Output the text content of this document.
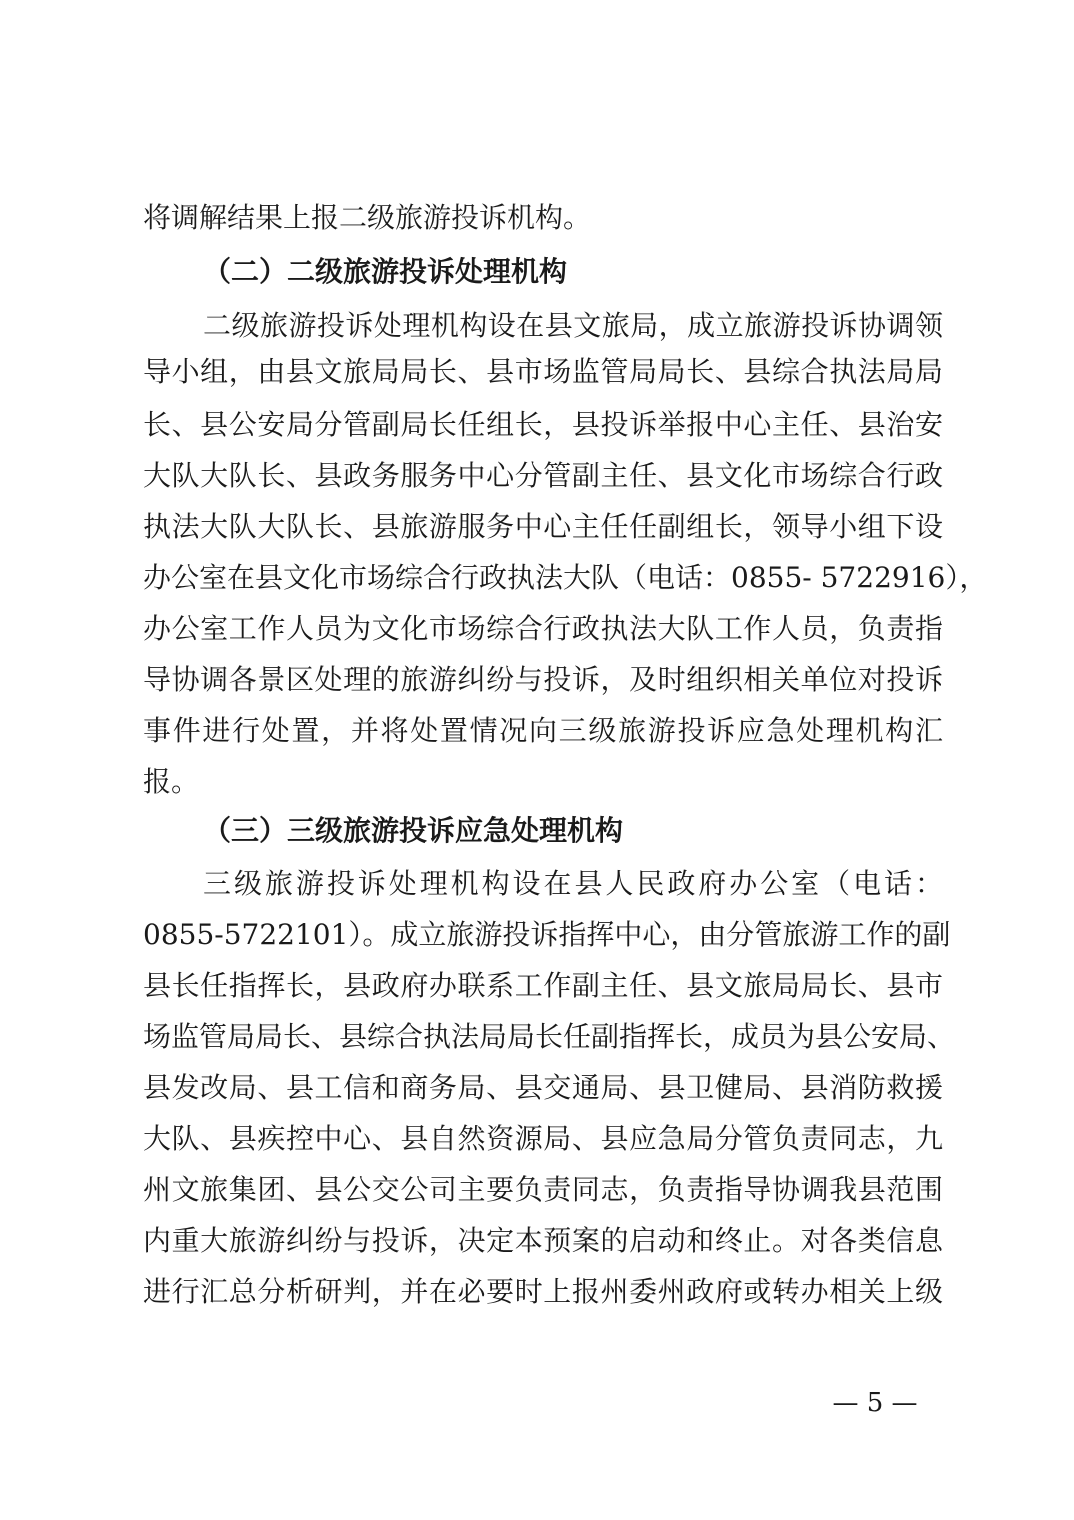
将调解结果上报二级旅游投诉机构。
（二）二级旅游投诉处理机构
二级旅游投诉处理机构设在县文旅局，成立旅游投诉协调领
导小组，由县文旅局局长、县市场监管局局长、县综合执法局局
长、县公安局分管副局长任组长，县投诉举报中心主任、县治安
大队大队长、县政务服务中心分管副主任、县文化市场综合行政
执法大队大队长、县旅游服务中心主任任副组长，领导小组下设
办公室在县文化市场综合行政执法大队（电话：0855- 5722916），
办公室工作人员为文化市场综合行政执法大队工作人员，负责指
导协调各景区处理的旅游纠纷与投诉，及时组织相关单位对投诉
事件进行处置，并将处置情况向三级旅游投诉应急处理机构汇
报。
（三）三级旅游投诉应急处理机构
三级旅游投诉处理机构设在县人民政府办公室（电话：
0855-5722101）。成立旅游投诉指挥中心，由分管旅游工作的副
县长任指挥长，县政府办联系工作副主任、县文旅局局长、县市
场监管局局长、县综合执法局局长任副指挥长，成员为县公安局、
县发改局、县工信和商务局、县交通局、县卫健局、县消防救援
大队、县疾控中心、县自然资源局、县应急局分管负责同志，九
州文旅集团、县公交公司主要负责同志，负责指导协调我县范围
内重大旅游纠纷与投诉，决定本预案的启动和终止。对各类信息
进行汇总分析研判，并在必要时上报州委州政府或转办相关上级
— 5 —
